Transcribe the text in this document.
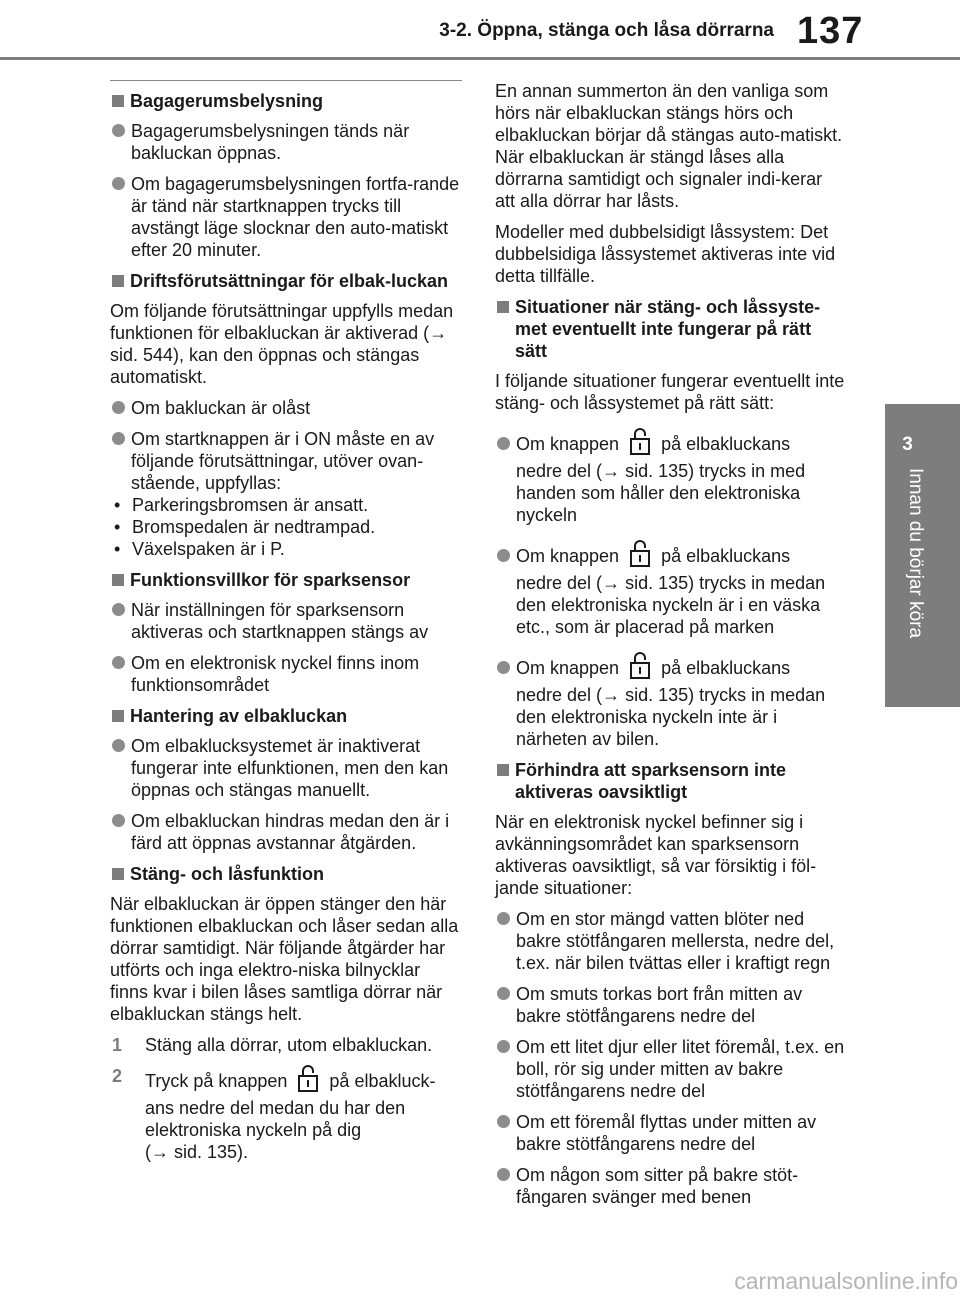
3-2. Öppna, stänga och låsa dörrarna 137
3
Innan du börjar köra
Bagagerumsbelysning
Bagagerumsbelysningen tänds när bakluckan öppnas.
Om bagagerumsbelysningen fortfa-rande är tänd när startknappen trycks till avstängt läge slocknar den auto-matiskt efter 20 minuter.
Driftsförutsättningar för elbak-luckan
Om följande förutsättningar uppfylls medan funktionen för elbakluckan är aktiverad (→ sid. 544), kan den öppnas och stängas automatiskt.
Om bakluckan är olåst
Om startknappen är i ON måste en av följande förutsättningar, utöver ovan-stående, uppfyllas:
• Parkeringsbromsen är ansatt.
• Bromspedalen är nedtrampad.
• Växelspaken är i P.
Funktionsvillkor för sparksensor
När inställningen för sparksensorn aktiveras och startknappen stängs av
Om en elektronisk nyckel finns inom funktionsområdet
Hantering av elbakluckan
Om elbaklucksystemet är inaktiverat fungerar inte elfunktionen, men den kan öppnas och stängas manuellt.
Om elbakluckan hindras medan den är i färd att öppnas avstannar åtgärden.
Stäng- och låsfunktion
När elbakluckan är öppen stänger den här funktionen elbakluckan och låser sedan alla dörrar samtidigt. När följande åtgärder har utförts och inga elektro-niska bilnycklar finns kvar i bilen låses samtliga dörrar när elbakluckan stängs helt.
1	Stäng alla dörrar, utom elbakluckan.
2	Tryck på knappen på elbakluck-
ans nedre del medan du har den elektroniska nyckeln på dig
(→ sid. 135).
En annan summerton än den vanliga som hörs när elbakluckan stängs hörs och elbakluckan börjar då stängas auto-matiskt. När elbakluckan är stängd låses alla dörrarna samtidigt och signaler indi-kerar att alla dörrar har låsts.
Modeller med dubbelsidigt låssystem: Det dubbelsidiga låssystemet aktiveras inte vid detta tillfälle.
Situationer när stäng- och låssyste-met eventuellt inte fungerar på rätt sätt
I följande situationer fungerar eventuellt inte stäng- och låssystemet på rätt sätt:
Om knappen på elbakluckans
nedre del (→ sid. 135) trycks in med handen som håller den elektroniska nyckeln
Om knappen på elbakluckans
nedre del (→ sid. 135) trycks in medan den elektroniska nyckeln är i en väska etc., som är placerad på marken
Om knappen på elbakluckans
nedre del (→ sid. 135) trycks in medan den elektroniska nyckeln inte är i närheten av bilen.
Förhindra att sparksensorn inte aktiveras oavsiktligt
När en elektronisk nyckel befinner sig i avkänningsområdet kan sparksensorn aktiveras oavsiktligt, så var försiktig i föl-jande situationer:
Om en stor mängd vatten blöter ned bakre stötfångaren mellersta, nedre del, t.ex. när bilen tvättas eller i kraftigt regn
Om smuts torkas bort från mitten av bakre stötfångarens nedre del
Om ett litet djur eller litet föremål, t.ex. en boll, rör sig under mitten av bakre stötfångarens nedre del
Om ett föremål flyttas under mitten av bakre stötfångarens nedre del
Om någon som sitter på bakre stöt-fångaren svänger med benen
carmanualsonline.info
